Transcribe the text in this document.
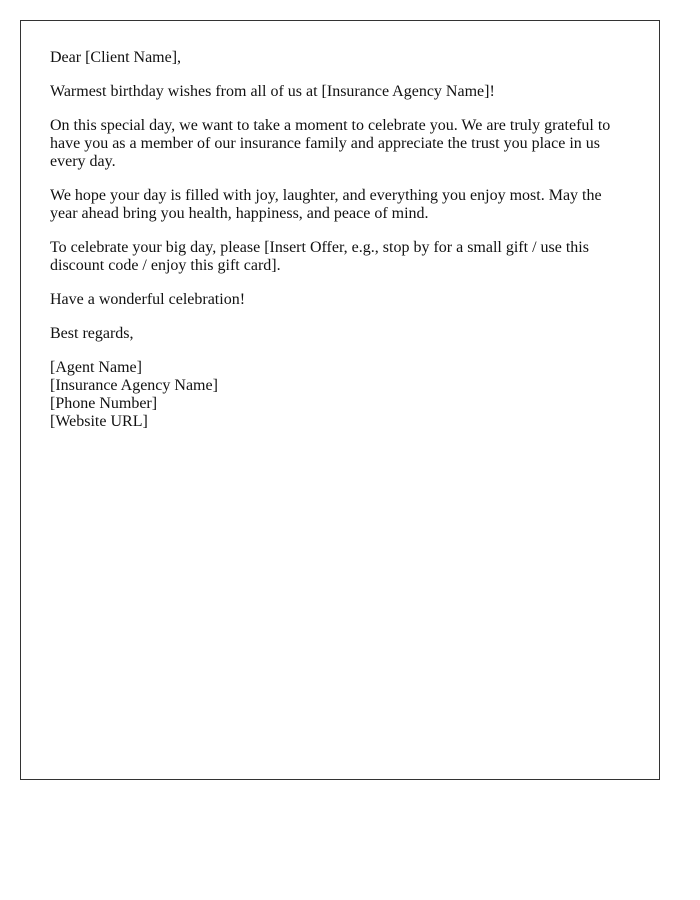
Dear [Client Name],

Warmest birthday wishes from all of us at [Insurance Agency Name]!

On this special day, we want to take a moment to celebrate you. We are truly grateful to have you as a member of our insurance family and appreciate the trust you place in us every day.

We hope your day is filled with joy, laughter, and everything you enjoy most. May the year ahead bring you health, happiness, and peace of mind.

To celebrate your big day, please [Insert Offer, e.g., stop by for a small gift / use this discount code / enjoy this gift card].

Have a wonderful celebration!

Best regards,

[Agent Name]
[Insurance Agency Name]
[Phone Number]
[Website URL]
